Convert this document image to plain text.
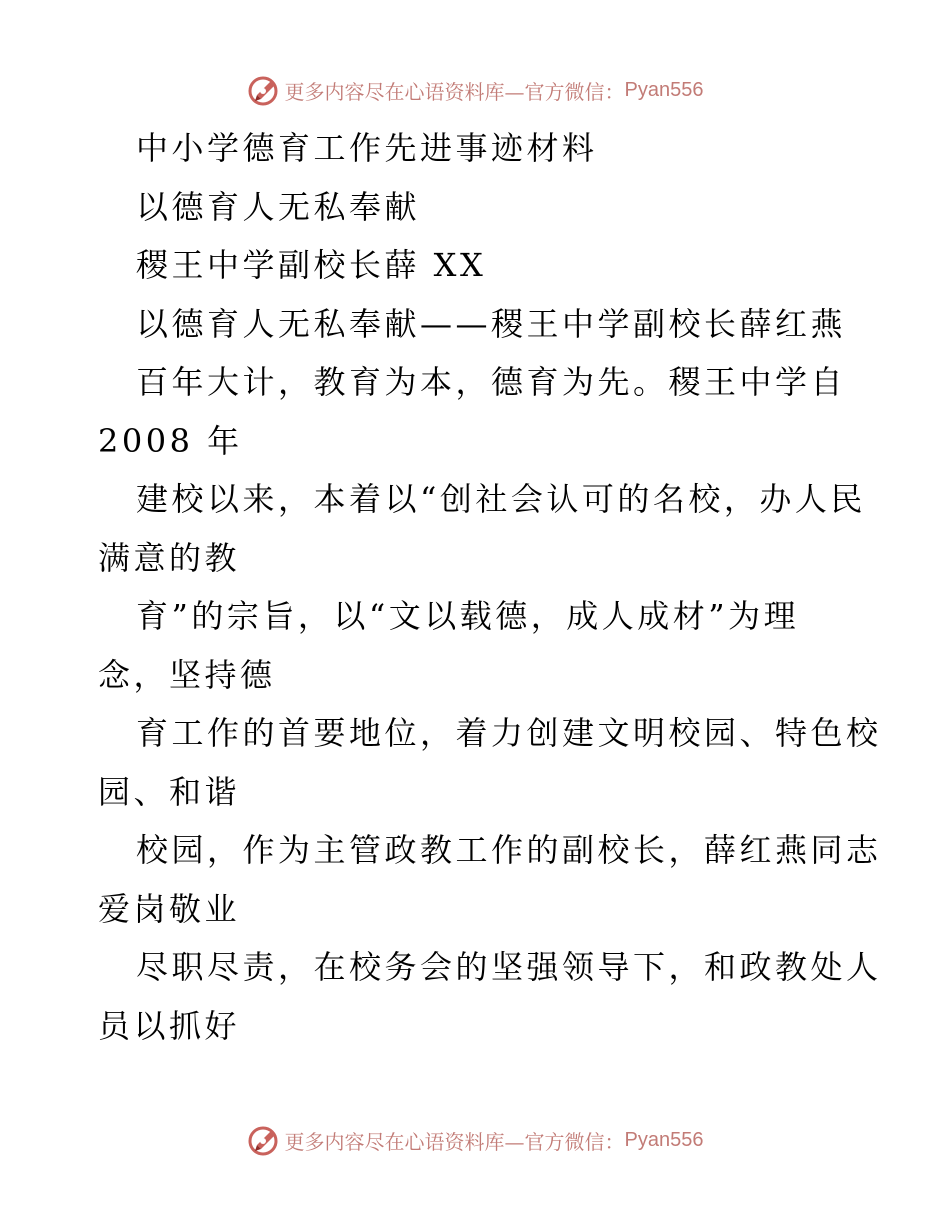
更多内容尽在心语资料库—官方微信： Pyan556
中小学德育工作先进事迹材料
以德育人无私奉献
稷王中学副校长薛 XX
以德育人无私奉献——稷王中学副校长薛红燕
百年大计，教育为本，德育为先。稷王中学自
2008 年
建校以来，本着以“创社会认可的名校，办人民
满意的教
育”的宗旨，以“文以载德，成人成材”为理
念，坚持德
育工作的首要地位，着力创建文明校园、特色校
园、和谐
校园，作为主管政教工作的副校长，薛红燕同志
爱岗敬业
尽职尽责，在校务会的坚强领导下，和政教处人
员以抓好
更多内容尽在心语资料库—官方微信： Pyan556
